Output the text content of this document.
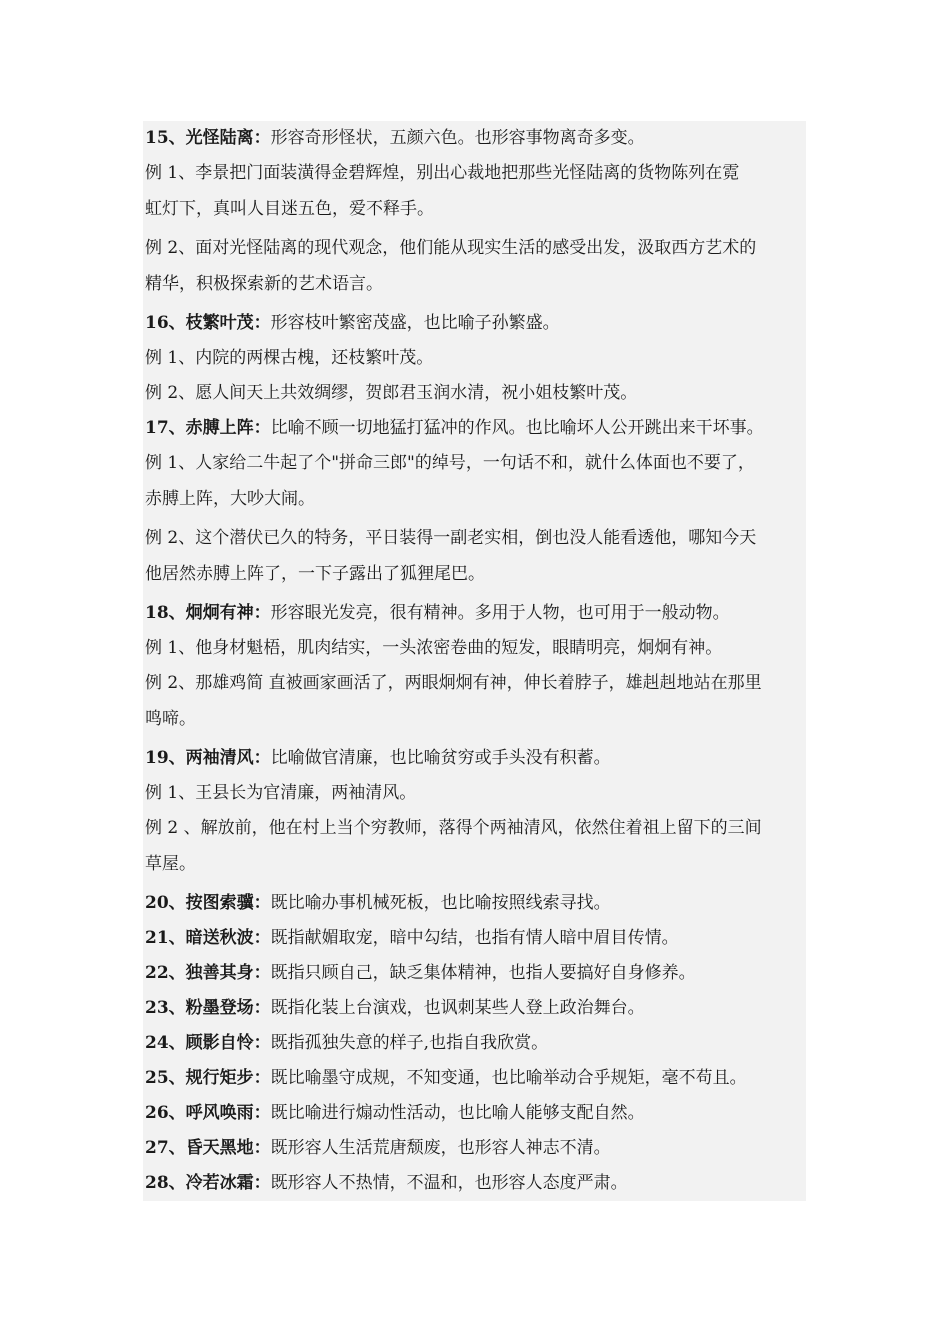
15、光怪陆离：形容奇形怪状，五颜六色。也形容事物离奇多变。
例 1、李景把门面装潢得金碧辉煌，别出心裁地把那些光怪陆离的货物陈列在霓
虹灯下，真叫人目迷五色，爱不释手。
例 2、面对光怪陆离的现代观念，他们能从现实生活的感受出发，汲取西方艺术的
精华，积极探索新的艺术语言。
16、枝繁叶茂：形容枝叶繁密茂盛，也比喻子孙繁盛。
例 1、内院的两棵古槐，还枝繁叶茂。
例 2、愿人间天上共效绸缪，贺郎君玉润水清，祝小姐枝繁叶茂。
17、赤膊上阵：比喻不顾一切地猛打猛冲的作风。也比喻坏人公开跳出来干坏事。
例 1、人家给二牛起了个"拼命三郎"的绰号，一句话不和，就什么体面也不要了，
赤膊上阵，大吵大闹。
例 2、这个潜伏已久的特务，平日装得一副老实相，倒也没人能看透他，哪知今天
他居然赤膊上阵了，一下子露出了狐狸尾巴。
18、炯炯有神：形容眼光发亮，很有精神。多用于人物，也可用于一般动物。
例 1、他身材魁梧，肌肉结实，一头浓密卷曲的短发，眼睛明亮，炯炯有神。
例 2、那雄鸡简 直被画家画活了，两眼炯炯有神，伸长着脖子，雄赳赳地站在那里
鸣啼。
19、两袖清风：比喻做官清廉，也比喻贫穷或手头没有积蓄。
例 1、王县长为官清廉，两袖清风。
例 2 、解放前，他在村上当个穷教师，落得个两袖清风，依然住着祖上留下的三间
草屋。
20、按图索骥：既比喻办事机械死板，也比喻按照线索寻找。
21、暗送秋波：既指献媚取宠，暗中勾结，也指有情人暗中眉目传情。
22、独善其身：既指只顾自己，缺乏集体精神，也指人要搞好自身修养。
23、粉墨登场：既指化装上台演戏，也讽刺某些人登上政治舞台。
24、顾影自怜：既指孤独失意的样子,也指自我欣赏。
25、规行矩步：既比喻墨守成规，不知变通，也比喻举动合乎规矩，毫不苟且。
26、呼风唤雨：既比喻进行煽动性活动，也比喻人能够支配自然。
27、昏天黑地：既形容人生活荒唐颓废，也形容人神志不清。
28、冷若冰霜：既形容人不热情，不温和，也形容人态度严肃。
